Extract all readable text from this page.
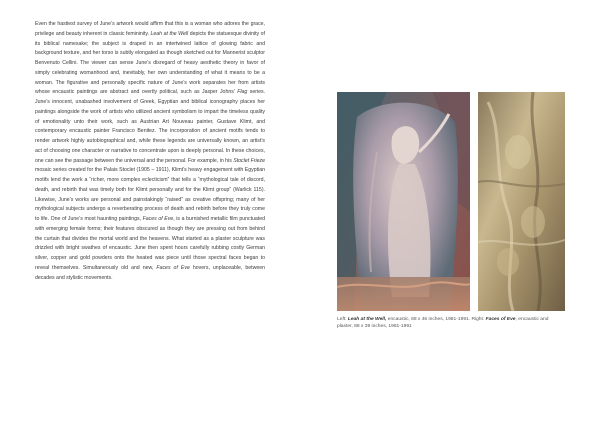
Even the hastiest survey of June’s artwork would affirm that this is a woman who adores the grace, privilege and beauty inherent in classic femininity. Leah at the Well depicts the statuesque divinity of its biblical namesake; the subject is draped in an intertwined lattice of glowing fabric and background texture, and her torso is subtly elongated as though sketched out for Mannerist sculptor Benvenuto Cellini. The viewer can sense June’s disregard of heavy aesthetic theory in favor of simply celebrating womanhood and, inevitably, her own understanding of what it means to be a woman. The figurative and personally specific nature of June’s work separates her from artists whose encaustic paintings are abstract and overtly political, such as Jasper Johns’ Flag series. June’s innocent, unabashed involvement of Greek, Egyptian and biblical iconography places her paintings alongside the work of artists who utilized ancient symbolism to impart the timeless quality of emotionality unto their work, such as Austrian Art Nouveau painter, Gustave Klimt, and contemporary encaustic painter Francisco Benitez. The incorporation of ancient motifs tends to render artwork highly autobiographical and, while these legends are universally known, an artist’s act of choosing one character or narrative to concentrate upon is deeply personal. In these choices, one can see the passage between the universal and the personal. For example, in his Stoclet Frieze mosaic series created for the Palais Stoclet (1905 – 1911), Klimt’s heavy engagement with Egyptian motifs lend the work a “richer, more complex eclecticism” that tells a “mythological tale of discord, death, and rebirth that was timely both for Klimt personally and for the Klimt group” (Warlick 115). Likewise, June’s works are personal and painstakingly “raised” as creative offspring; many of her mythological subjects undergo a reverberating process of death and rebirth before they truly come to life. One of June’s most haunting paintings, Faces of Eve, is a burnished metallic film punctuated with emerging female forms; their features obscured as though they are pressing out from behind the curtain that divides the mortal world and the heavens. What started as a plaster sculpture was drizzled with bright swathes of encaustic. June then spent hours carefully rubbing costly German silver, copper and gold powders onto the heated wax piece until those spectral faces began to reveal themselves. Simultaneously old and new, Faces of Eve hovers, unplaceable, between decades and stylistic movements.

Left: Leah at the Well, encaustic, 68 x 46 inches, 1981-1991. Right: Faces of Eve, encaustic and plaster, 88 x 39 inches, 1981-1991
